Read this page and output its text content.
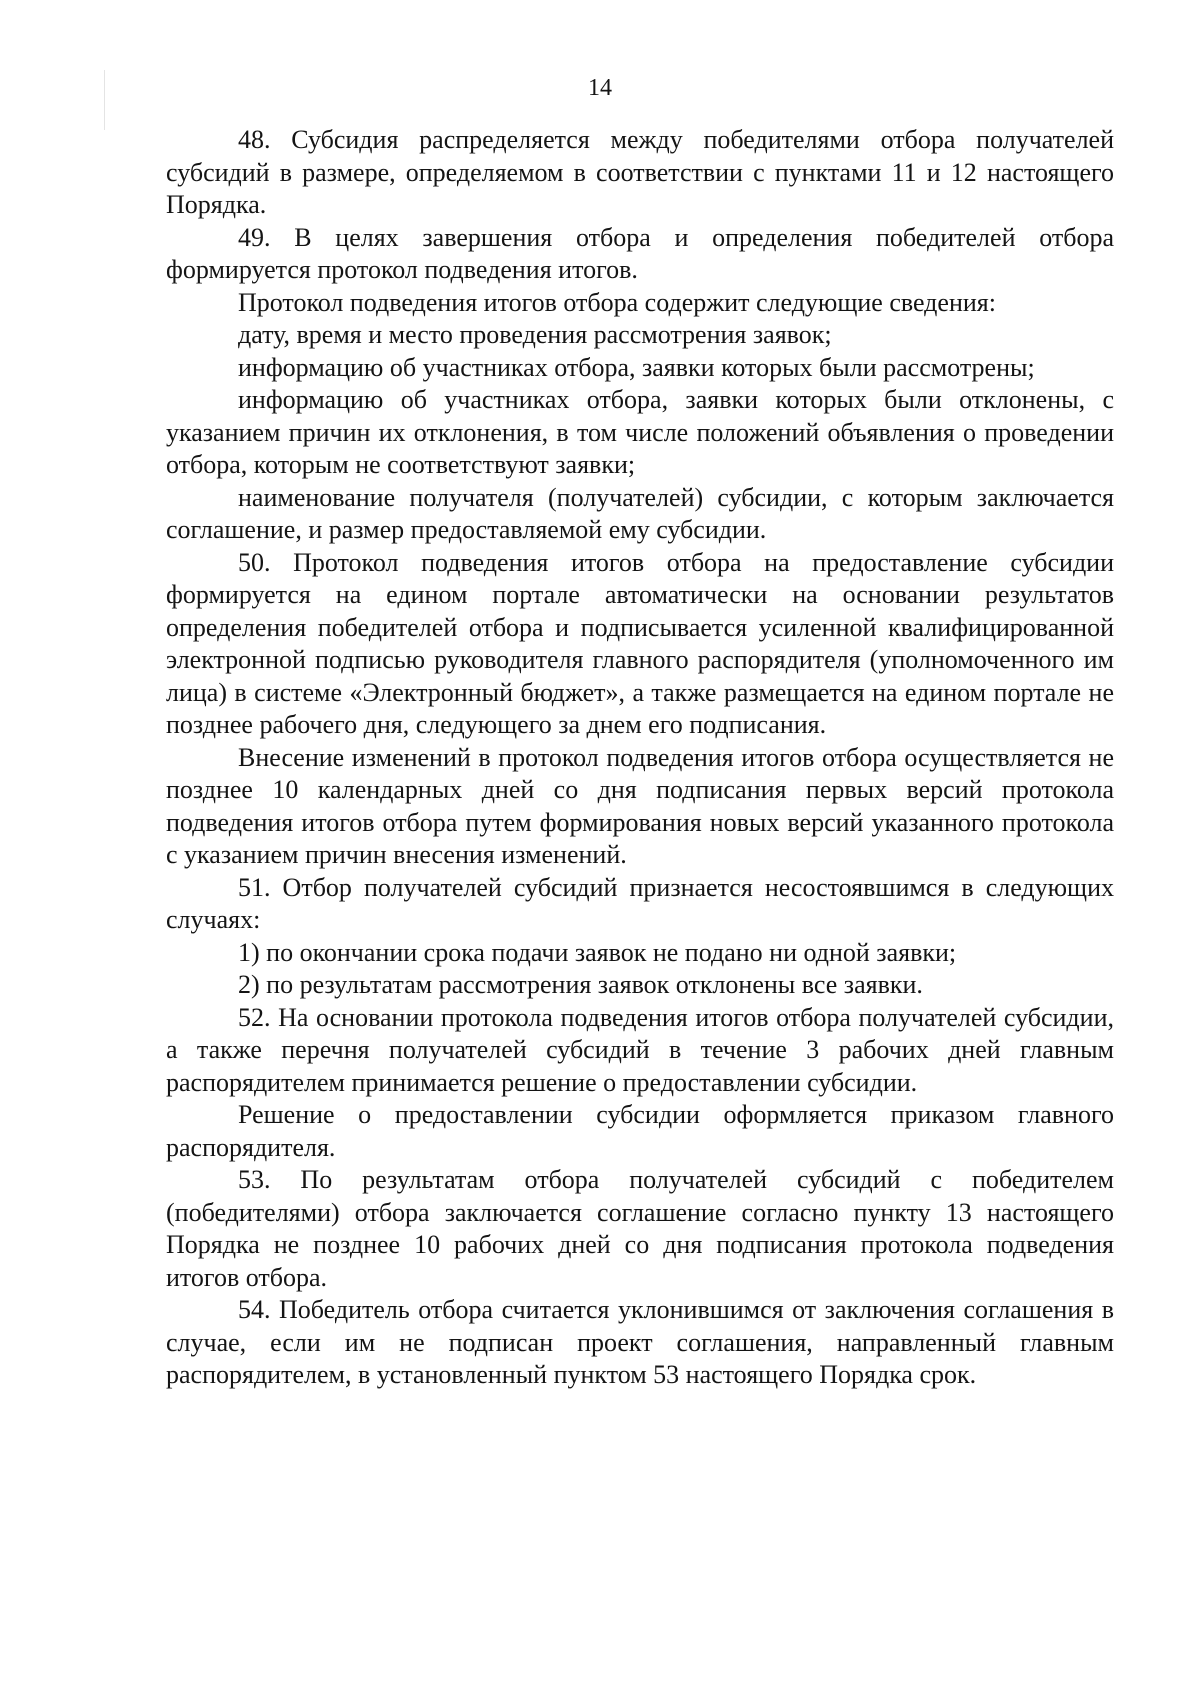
14

48. Субсидия распределяется между победителями отбора получателей субсидий в размере, определяемом в соответствии с пунктами 11 и 12 настоящего Порядка.

49. В целях завершения отбора и определения победителей отбора формируется протокол подведения итогов.

Протокол подведения итогов отбора содержит следующие сведения:

дату, время и место проведения рассмотрения заявок;

информацию об участниках отбора, заявки которых были рассмотрены;

информацию об участниках отбора, заявки которых были отклонены, с указанием причин их отклонения, в том числе положений объявления о проведении отбора, которым не соответствуют заявки;

наименование получателя (получателей) субсидии, с которым заключается соглашение, и размер предоставляемой ему субсидии.

50. Протокол подведения итогов отбора на предоставление субсидии формируется на едином портале автоматически на основании результатов определения победителей отбора и подписывается усиленной квалифицированной электронной подписью руководителя главного распорядителя (уполномоченного им лица) в системе «Электронный бюджет», а также размещается на едином портале не позднее рабочего дня, следующего за днем его подписания.

Внесение изменений в протокол подведения итогов отбора осуществляется не позднее 10 календарных дней со дня подписания первых версий протокола подведения итогов отбора путем формирования новых версий указанного протокола с указанием причин внесения изменений.

51. Отбор получателей субсидий признается несостоявшимся в следующих случаях:

1) по окончании срока подачи заявок не подано ни одной заявки;

2) по результатам рассмотрения заявок отклонены все заявки.

52. На основании протокола подведения итогов отбора получателей субсидии, а также перечня получателей субсидий в течение 3 рабочих дней главным распорядителем принимается решение о предоставлении субсидии.

Решение о предоставлении субсидии оформляется приказом главного распорядителя.

53. По результатам отбора получателей субсидий с победителем (победителями) отбора заключается соглашение согласно пункту 13 настоящего Порядка не позднее 10 рабочих дней со дня подписания протокола подведения итогов отбора.

54. Победитель отбора считается уклонившимся от заключения соглашения в случае, если им не подписан проект соглашения, направленный главным распорядителем, в установленный пунктом 53 настоящего Порядка срок.
